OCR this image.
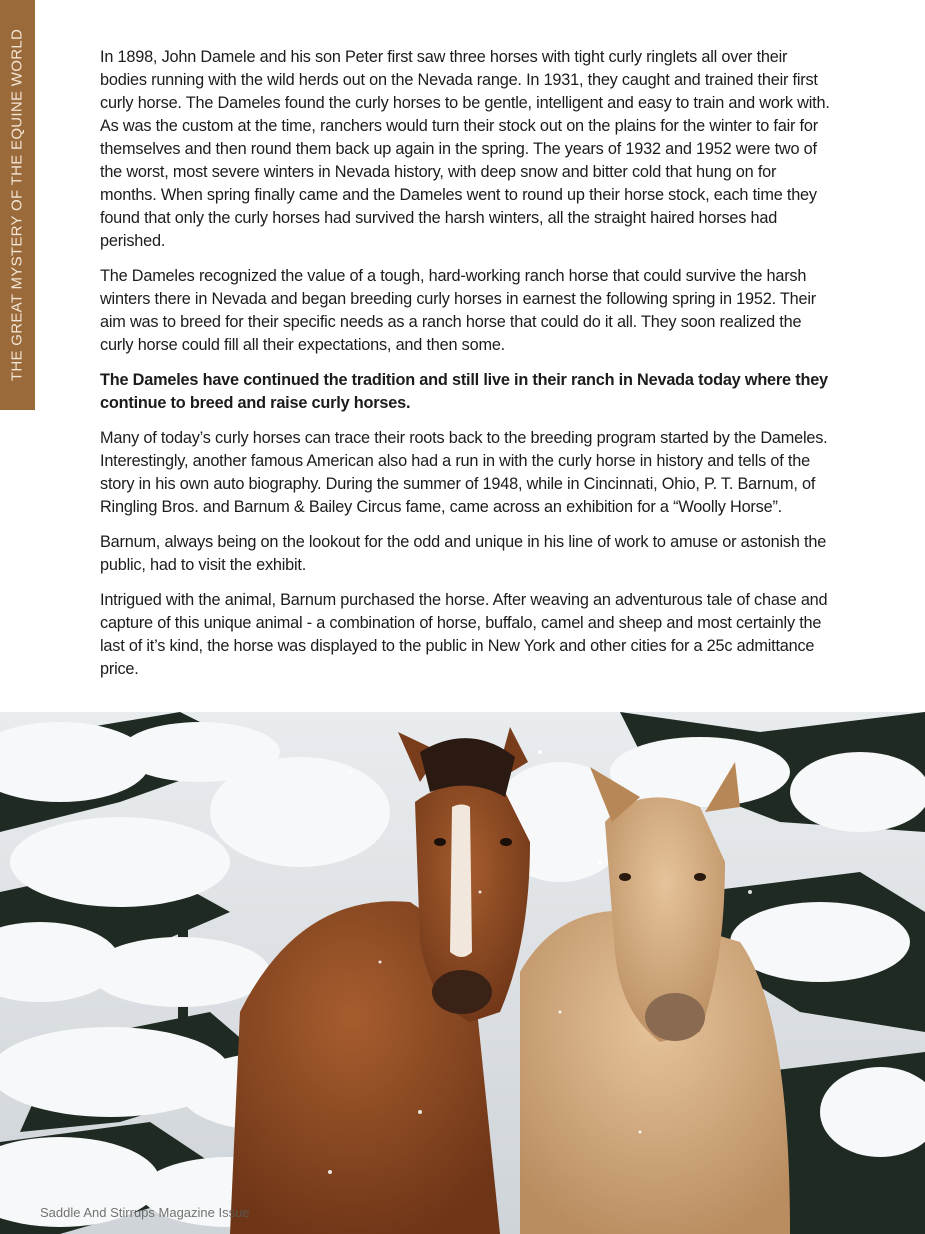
THE GREAT MYSTERY OF THE EQUINE WORLD	In 1898, John Damele and his son Peter first saw three horses with tight curly ringlets all over their bodies running with the wild herds out on the Nevada range. In 1931, they caught and trained their first curly horse. The Dameles found the curly horses to be gentle, intelligent and easy to train and work with. As was the custom at the time, ranchers would turn their stock out on the plains for the winter to fair for themselves and then round them back up again in the spring. The years of 1932 and 1952 were two of the worst, most severe winters in Nevada history, with deep snow and bitter cold that hung on for months. When spring finally came and the Dameles went to round up their horse stock, each time they found that only the curly horses had survived the harsh winters, all the straight haired horses had perished.

The Dameles recognized the value of a tough, hard-working ranch horse that could survive the harsh winters there in Nevada and began breeding curly horses in earnest the following spring in 1952. Their aim was to breed for their specific needs as a ranch horse that could do it all. They soon realized the curly horse could fill all their expectations, and then some.

The Dameles have continued the tradition and still live in their ranch in Nevada today where they continue to breed and raise curly horses.

Many of today’s curly horses can trace their roots back to the breeding program started by the Dameles. Interestingly, another famous American also had a run in with the curly horse in history and tells of the story in his own auto biography. During the summer of 1948, while in Cincinnati, Ohio, P. T. Barnum, of Ringling Bros. and Barnum & Bailey Circus fame, came across an exhibition for a “Woolly Horse”.

Barnum, always being on the lookout for the odd and unique in his line of work to amuse or astonish the public, had to visit the exhibit.

Intrigued with the animal, Barnum purchased the horse. After weaving an adventurous tale of chase and capture of this unique animal - a combination of horse, buffalo, camel and sheep and most certainly the last of it’s kind, the horse was displayed to the public in New York and other cities for a 25c admittance price.

Saddle And Stirrups Magazine Issue
